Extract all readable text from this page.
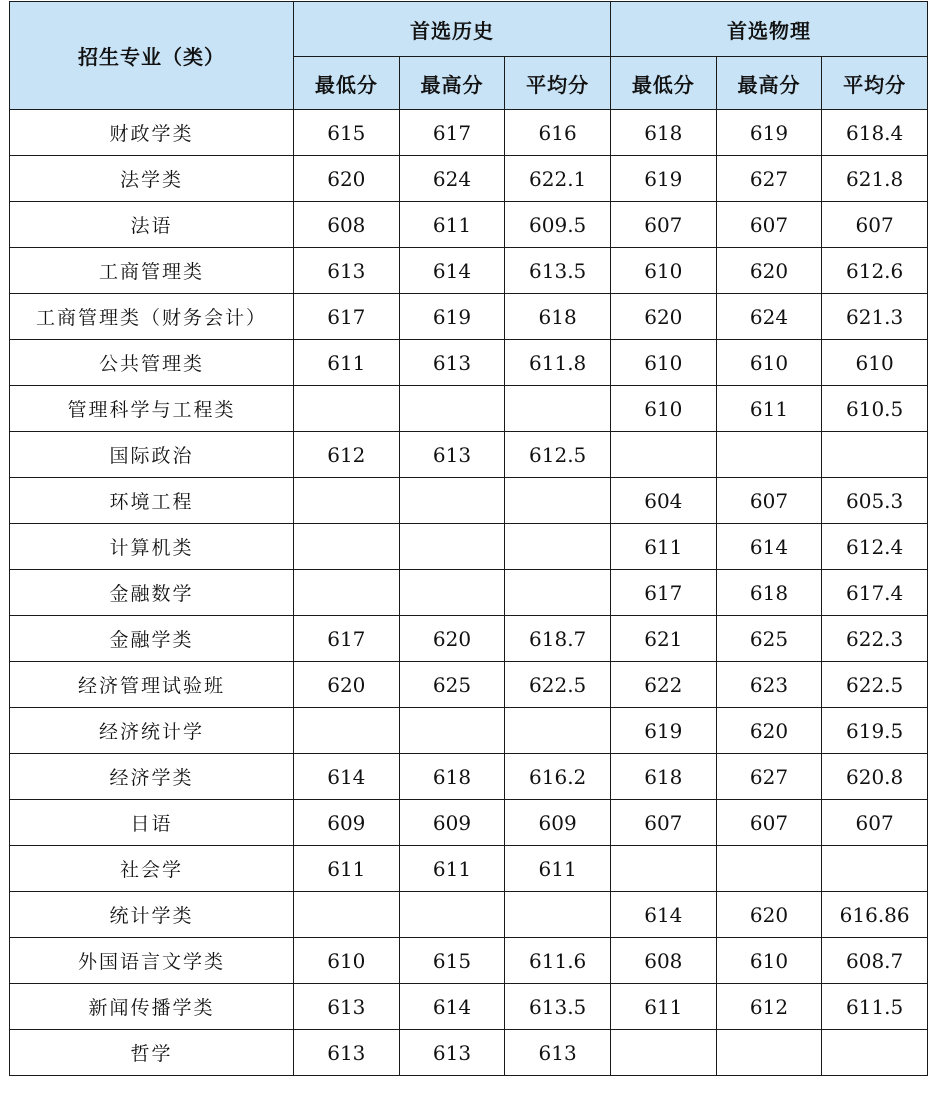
招生专业（类）	首选历史			首选物理		
	最低分	最高分	平均分	最低分	最高分	平均分
财政学类	615	617	616	618	619	618.4
法学类	620	624	622.1	619	627	621.8
法语	608	611	609.5	607	607	607
工商管理类	613	614	613.5	610	620	612.6
工商管理类（财务会计）	617	619	618	620	624	621.3
公共管理类	611	613	611.8	610	610	610
管理科学与工程类				610	611	610.5
国际政治	612	613	612.5			
环境工程				604	607	605.3
计算机类				611	614	612.4
金融数学				617	618	617.4
金融学类	617	620	618.7	621	625	622.3
经济管理试验班	620	625	622.5	622	623	622.5
经济统计学				619	620	619.5
经济学类	614	618	616.2	618	627	620.8
日语	609	609	609	607	607	607
社会学	611	611	611			
统计学类				614	620	616.86
外国语言文学类	610	615	611.6	608	610	608.7
新闻传播学类	613	614	613.5	611	612	611.5
哲学	613	613	613			
